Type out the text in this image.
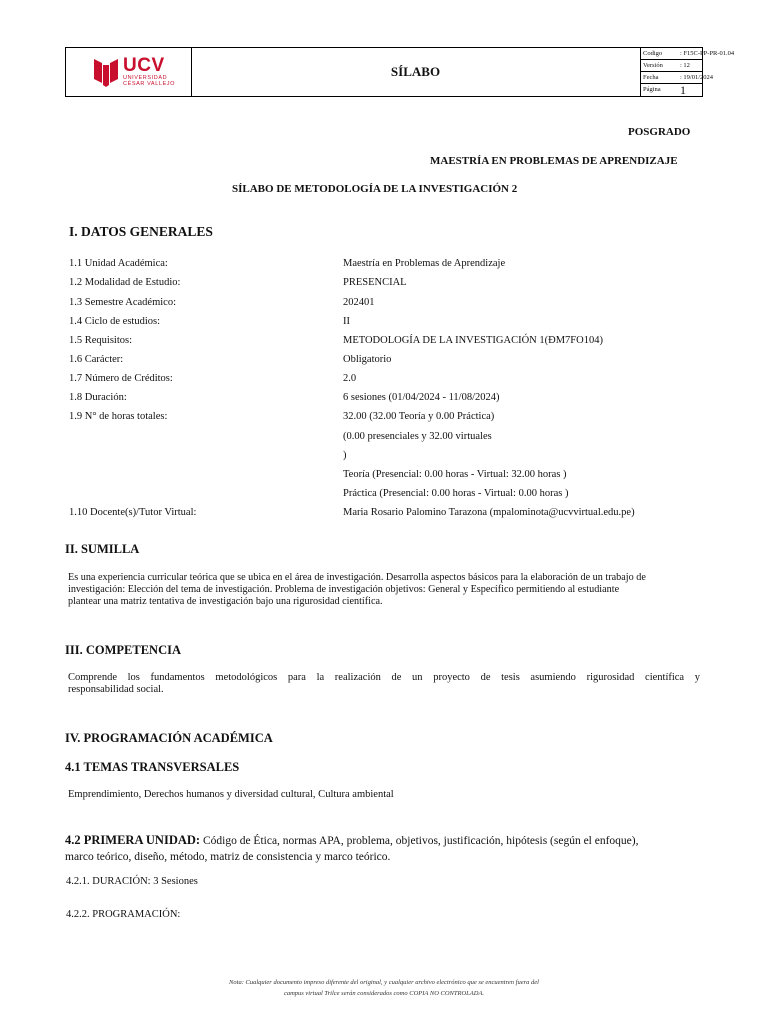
UCV
UNIVERSIDAD
CÉSAR VALLEJO
SÍLABO
Codigo	: F15C-PP-PR-01.04
Versión	: 12
Fecha	: 19/01/2024
Página 1
POSGRADO
MAESTRÍA EN PROBLEMAS DE APRENDIZAJE
SÍLABO DE METODOLOGÍA DE LA INVESTIGACIÓN 2
I. DATOS GENERALES
1.1 Unidad Académica:	Maestría en Problemas de Aprendizaje
1.2 Modalidad de Estudio:	PRESENCIAL
1.3 Semestre Académico:	202401
1.4 Ciclo de estudios:	II
1.5 Requisitos:	METODOLOGÍA DE LA INVESTIGACIÓN 1(ÐM7FO104)
1.6 Carácter:	Obligatorio
1.7 Número de Créditos:	2.0
1.8 Duración:	6 sesiones (01/04/2024 - 11/08/2024)
1.9 N° de horas totales:	32.00 (32.00 Teoría y 0.00 Práctica)
(0.00 presenciales y 32.00 virtuales
)
Teoría (Presencial: 0.00 horas - Virtual: 32.00 horas )
Práctica (Presencial: 0.00 horas - Virtual: 0.00 horas )
1.10 Docente(s)/Tutor Virtual:	Maria Rosario Palomino Tarazona (mpalominota@ucvvirtual.edu.pe)
II. SUMILLA
Es una experiencia curricular teórica que se ubica en el área de investigación. Desarrolla aspectos básicos para la elaboración de un trabajo de
investigación: Elección del tema de investigación. Problema de investigación objetivos: General y Específico permitiendo al estudiante
plantear una matriz tentativa de investigación bajo una rigurosidad científica.
III. COMPETENCIA
Comprende los fundamentos metodológicos para la realización de un proyecto de tesis asumiendo rigurosidad científica y
responsabilidad social.
IV. PROGRAMACIÓN ACADÉMICA
4.1 TEMAS TRANSVERSALES
Emprendimiento, Derechos humanos y diversidad cultural, Cultura ambiental
4.2 PRIMERA UNIDAD: Código de Ética, normas APA, problema, objetivos, justificación, hipótesis (según el enfoque),
marco teórico, diseño, método, matriz de consistencia y marco teórico.
4.2.1. DURACIÓN: 3 Sesiones
4.2.2. PROGRAMACIÓN:
Nota: Cualquier documento impreso diferente del original, y cualquier archivo electrónico que se encuentren fuera del
campus virtual Trilce serán considerados como COPIA NO CONTROLADA.
